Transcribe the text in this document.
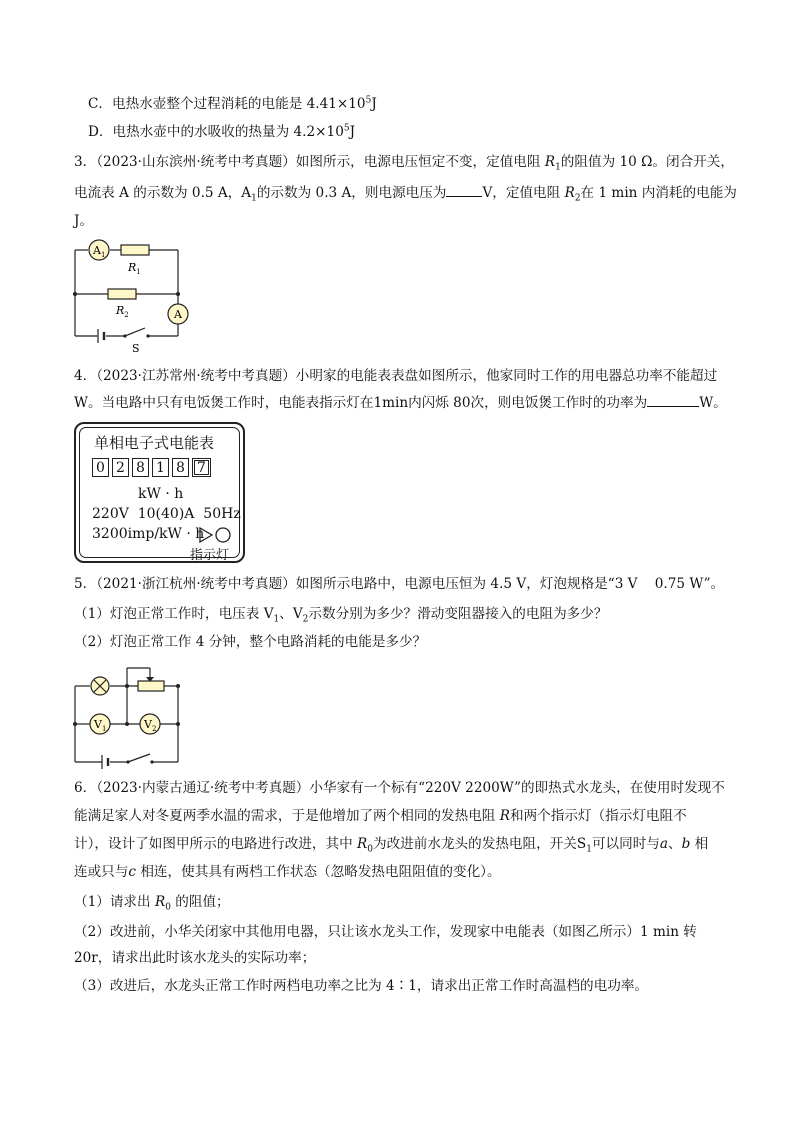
C．电热水壶整个过程消耗的电能是 $4.41\times 10^5J$
D．电热水壶中的水吸收的热量为 $4.2\times 10^5J$
3．（2023·山东滨州·统考中考真题）如图所示，电源电压恒定不变，定值电阻 $R_1$的阻值为 10 Ω。闭合开关，
电流表 A 的示数为 0.5 A，$A_1$的示数为 0.3 A，则电源电压为	V，定值电阻 $R_2$在 1 min 内消耗的电能为
J。
$A_1$
$R_1$
$R_2$	A
S
4．（2023·江苏常州·统考中考真题）小明家的电能表表盘如图所示，他家同时工作的用电器总功率不能超过
W。当电路中只有电饭煲工作时，电能表指示灯在1min内闪烁 80次，则电饭煲工作时的功率为	W。
单相电子式电能表
0 2 8 1 8 7
kW · h
220V  10(40)A  50Hz
3200imp/kW · h
指示灯
5．（2021·浙江杭州·统考中考真题）如图所示电路中，电源电压恒为 4.5 V，灯泡规格是“3 V    0.75 W”。
（1）灯泡正常工作时，电压表 $V_1$、$V_2$示数分别为多少？滑动变阻器接入的电阻为多少？
（2）灯泡正常工作 4 分钟，整个电路消耗的电能是多少？
$V_1$	$V_2$
6．（2023·内蒙古通辽·统考中考真题）小华家有一个标有“220V 2200W”的即热式水龙头，在使用时发现不
能满足家人对冬夏两季水温的需求，于是他增加了两个相同的发热电阻 R和两个指示灯（指示灯电阻不
计），设计了如图甲所示的电路进行改进，其中 $R_0$为改进前水龙头的发热电阻，开关$S_1$可以同时与a、b 相
连或只与c 相连，使其具有两档工作状态（忽略发热电阻阻值的变化）。
（1）请求出 $R_0$ 的阻值；
（2）改进前，小华关闭家中其他用电器，只让该水龙头工作，发现家中电能表（如图乙所示）1 min 转
20r，请求出此时该水龙头的实际功率；
（3）改进后，水龙头正常工作时两档电功率之比为 4∶1，请求出正常工作时高温档的电功率。
